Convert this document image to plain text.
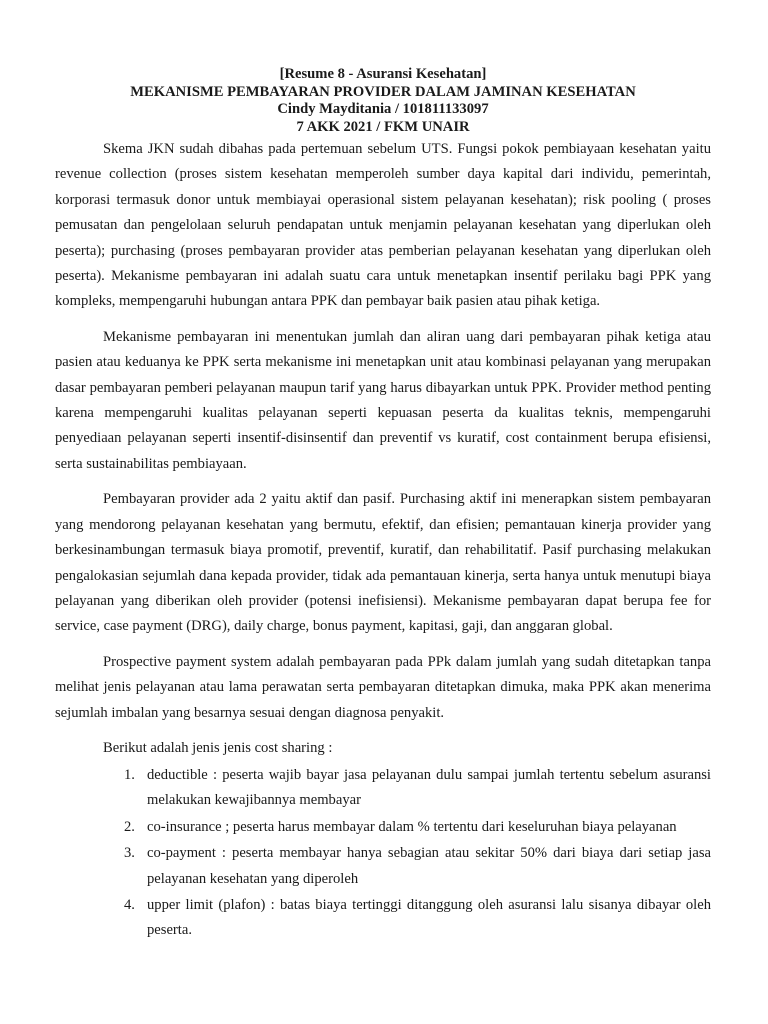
[Resume 8 - Asuransi Kesehatan]
MEKANISME PEMBAYARAN PROVIDER DALAM JAMINAN KESEHATAN
Cindy Mayditania / 101811133097
7 AKK 2021 / FKM UNAIR

Skema JKN sudah dibahas pada pertemuan sebelum UTS. Fungsi pokok pembiayaan kesehatan yaitu revenue collection (proses sistem kesehatan memperoleh sumber daya kapital dari individu, pemerintah, korporasi termasuk donor untuk membiayai operasional sistem pelayanan kesehatan); risk pooling ( proses pemusatan dan pengelolaan seluruh pendapatan untuk menjamin pelayanan kesehatan yang diperlukan oleh peserta); purchasing (proses pembayaran provider atas pemberian pelayanan kesehatan yang diperlukan oleh peserta). Mekanisme pembayaran ini adalah suatu cara untuk menetapkan insentif perilaku bagi PPK yang kompleks, mempengaruhi hubungan antara PPK dan pembayar baik pasien atau pihak ketiga.

Mekanisme pembayaran ini menentukan jumlah dan aliran uang dari pembayaran pihak ketiga atau pasien atau keduanya ke PPK serta mekanisme ini menetapkan unit atau kombinasi pelayanan yang merupakan dasar pembayaran pemberi pelayanan maupun tarif yang harus dibayarkan untuk PPK. Provider method penting karena mempengaruhi kualitas pelayanan seperti kepuasan peserta da kualitas teknis, mempengaruhi penyediaan pelayanan seperti insentif-disinsentif dan preventif vs kuratif, cost containment berupa efisiensi, serta sustainabilitas pembiayaan.

Pembayaran provider ada 2 yaitu aktif dan pasif. Purchasing aktif ini menerapkan sistem pembayaran yang mendorong pelayanan kesehatan yang bermutu, efektif, dan efisien; pemantauan kinerja provider yang berkesinambungan termasuk biaya promotif, preventif, kuratif, dan rehabilitatif. Pasif purchasing melakukan pengalokasian sejumlah dana kepada provider, tidak ada pemantauan kinerja, serta hanya untuk menutupi biaya pelayanan yang diberikan oleh provider (potensi inefisiensi). Mekanisme pembayaran dapat berupa fee for service, case payment (DRG), daily charge, bonus payment, kapitasi, gaji, dan anggaran global.

Prospective payment system adalah pembayaran pada PPk dalam jumlah yang sudah ditetapkan tanpa melihat jenis pelayanan atau lama perawatan serta pembayaran ditetapkan dimuka, maka PPK akan menerima sejumlah imbalan yang besarnya sesuai dengan diagnosa penyakit.

Berikut adalah jenis jenis cost sharing :

1. deductible : peserta wajib bayar jasa pelayanan dulu sampai jumlah tertentu sebelum asuransi melakukan kewajibannya membayar
2. co-insurance ; peserta harus membayar dalam % tertentu dari keseluruhan biaya pelayanan
3. co-payment : peserta membayar hanya sebagian atau sekitar 50% dari biaya dari setiap jasa pelayanan kesehatan yang diperoleh
4. upper limit (plafon) : batas biaya tertinggi ditanggung oleh asuransi lalu sisanya dibayar oleh peserta.
